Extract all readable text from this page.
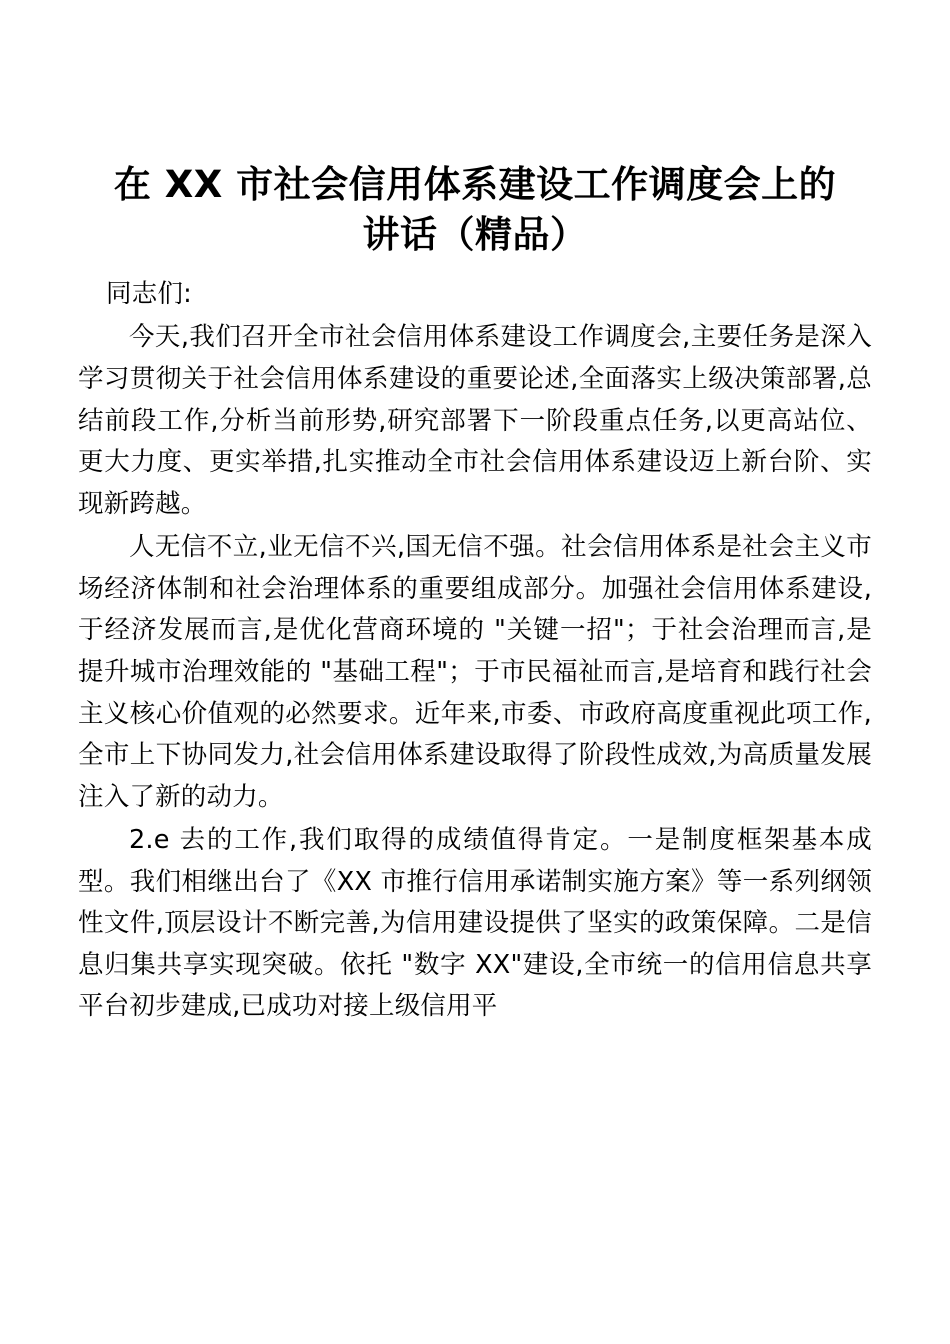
在 XX 市社会信用体系建设工作调度会上的讲话（精品）

同志们:

今天,我们召开全市社会信用体系建设工作调度会,主要任务是深入学习贯彻关于社会信用体系建设的重要论述,全面落实上级决策部署,总结前段工作,分析当前形势,研究部署下一阶段重点任务,以更高站位、更大力度、更实举措,扎实推动全市社会信用体系建设迈上新台阶、实现新跨越。

人无信不立,业无信不兴,国无信不强。社会信用体系是社会主义市场经济体制和社会治理体系的重要组成部分。加强社会信用体系建设,于经济发展而言,是优化营商环境的 "关键一招"；于社会治理而言,是提升城市治理效能的 "基础工程"；于市民福祉而言,是培育和践行社会主义核心价值观的必然要求。近年来,市委、市政府高度重视此项工作,全市上下协同发力,社会信用体系建设取得了阶段性成效,为高质量发展注入了新的动力。

2.e 去的工作,我们取得的成绩值得肯定。一是制度框架基本成型。我们相继出台了《XX 市推行信用承诺制实施方案》等一系列纲领性文件,顶层设计不断完善,为信用建设提供了坚实的政策保障。二是信息归集共享实现突破。依托 "数字 XX"建设,全市统一的信用信息共享平台初步建成,已成功对接上级信用平
